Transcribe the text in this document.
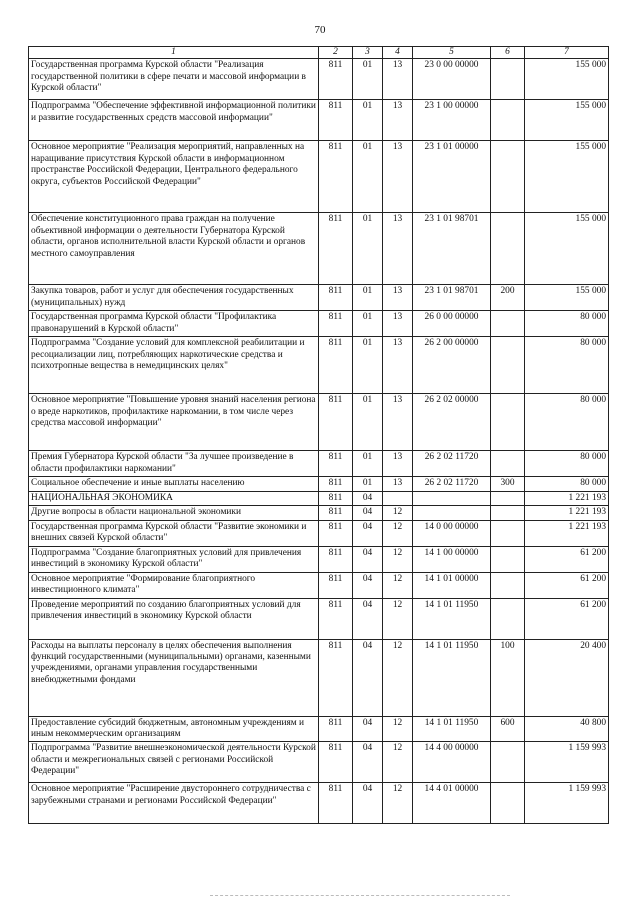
70
1	2	3	4	5	6	7
Государственная программа Курской области "Реализация государственной политики в сфере печати и массовой информации в Курской области"	811	01	13	23 0 00 00000		155 000
Подпрограмма "Обеспечение эффективной информационной политики и развитие государственных средств массовой информации"	811	01	13	23 1 00 00000		155 000
Основное мероприятие "Реализация мероприятий, направленных на наращивание присутствия Курской области в информационном пространстве Российской Федерации, Центрального федерального округа, субъектов Российской Федерации"	811	01	13	23 1 01 00000		155 000
Обеспечение конституционного права граждан на получение объективной информации о деятельности Губернатора Курской области, органов исполнительной власти Курской области и органов местного самоуправления	811	01	13	23 1 01 98701		155 000
Закупка товаров, работ и услуг для обеспечения государственных (муниципальных) нужд	811	01	13	23 1 01 98701	200	155 000
Государственная программа Курской области "Профилактика правонарушений в Курской области"	811	01	13	26 0 00 00000		80 000
Подпрограмма "Создание условий для комплексной реабилитации и ресоциализации лиц, потребляющих наркотические средства и психотропные вещества в немедицинских целях"	811	01	13	26 2 00 00000		80 000
Основное мероприятие "Повышение уровня знаний населения региона о вреде наркотиков, профилактике наркомании, в том числе через средства массовой информации"	811	01	13	26 2 02 00000		80 000
Премия Губернатора Курской области "За лучшее произведение в области профилактики наркомании"	811	01	13	26 2 02 11720		80 000
Социальное обеспечение и иные выплаты населению	811	01	13	26 2 02 11720	300	80 000
НАЦИОНАЛЬНАЯ ЭКОНОМИКА	811	04				1 221 193
Другие вопросы в области национальной экономики	811	04	12			1 221 193
Государственная программа Курской области "Развитие экономики и внешних связей Курской области"	811	04	12	14 0 00 00000		1 221 193
Подпрограмма "Создание благоприятных условий для привлечения инвестиций в экономику Курской области"	811	04	12	14 1 00 00000		61 200
Основное мероприятие "Формирование благоприятного инвестиционного климата"	811	04	12	14 1 01 00000		61 200
Проведение мероприятий по созданию благоприятных условий для привлечения инвестиций в экономику Курской области	811	04	12	14 1 01 11950		61 200
Расходы на выплаты персоналу в целях обеспечения выполнения функций государственными (муниципальными) органами, казенными учреждениями, органами управления государственными внебюджетными фондами	811	04	12	14 1 01 11950	100	20 400
Предоставление субсидий бюджетным, автономным учреждениям и иным некоммерческим организациям	811	04	12	14 1 01 11950	600	40 800
Подпрограмма "Развитие внешнеэкономической деятельности Курской области и межрегиональных связей с регионами Российской Федерации"	811	04	12	14 4 00 00000		1 159 993
Основное мероприятие "Расширение двустороннего сотрудничества с зарубежными странами и регионами Российской Федерации"	811	04	12	14 4 01 00000		1 159 993
